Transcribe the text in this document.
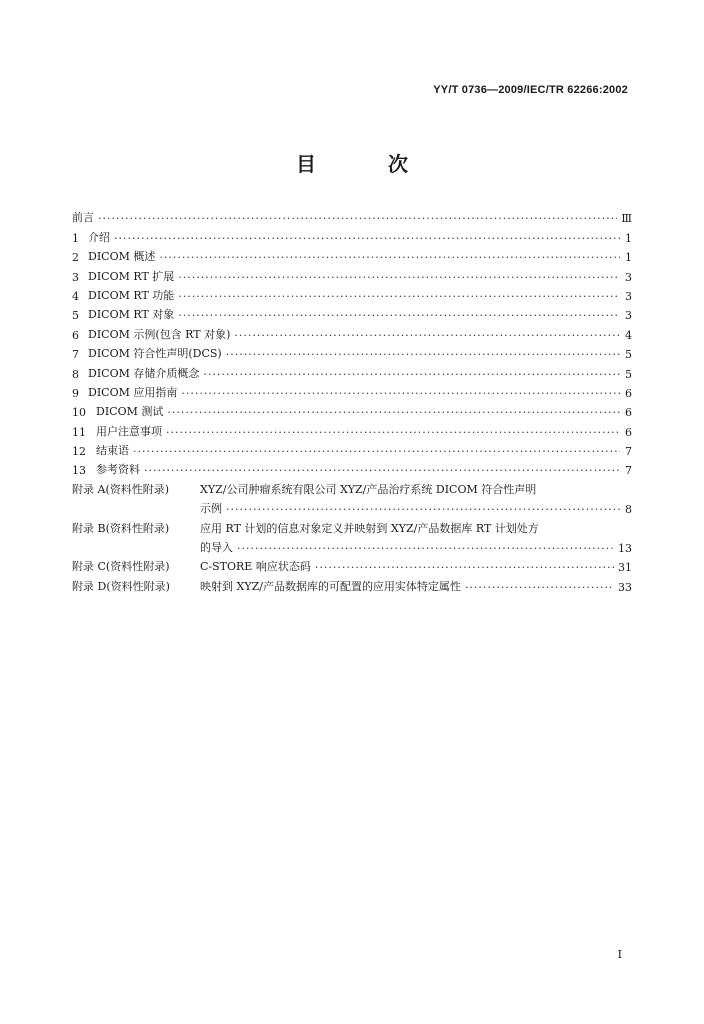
YY/T 0736—2009/IEC/TR 62266:2002
目　次
前言 ·····	Ⅲ
1 介绍 ·····	1
2 DICOM 概述 ·····	1
3 DICOM RT 扩展 ·····	3
4 DICOM RT 功能 ·····	3
5 DICOM RT 对象 ·····	3
6 DICOM 示例(包含 RT 对象) ·····	4
7 DICOM 符合性声明(DCS) ·····	5
8 DICOM 存储介质概念 ·····	5
9 DICOM 应用指南 ·····	6
10 DICOM 测试 ·····	6
11 用户注意事项 ·····	6
12 结束语 ·····	7
13 参考资料 ·····	7
附录 A(资料性附录)	XYZ/公司肿瘤系统有限公司 XYZ/产品治疗系统 DICOM 符合性声明
示例 ·····	8
附录 B(资料性附录)	应用 RT 计划的信息对象定义并映射到 XYZ/产品数据库 RT 计划处方
的导入 ·····	13
附录 C(资料性附录)	C-STORE 响应状态码 ·····	31
附录 D(资料性附录)	映射到 XYZ/产品数据库的可配置的应用实体特定属性 ·····	33
I
